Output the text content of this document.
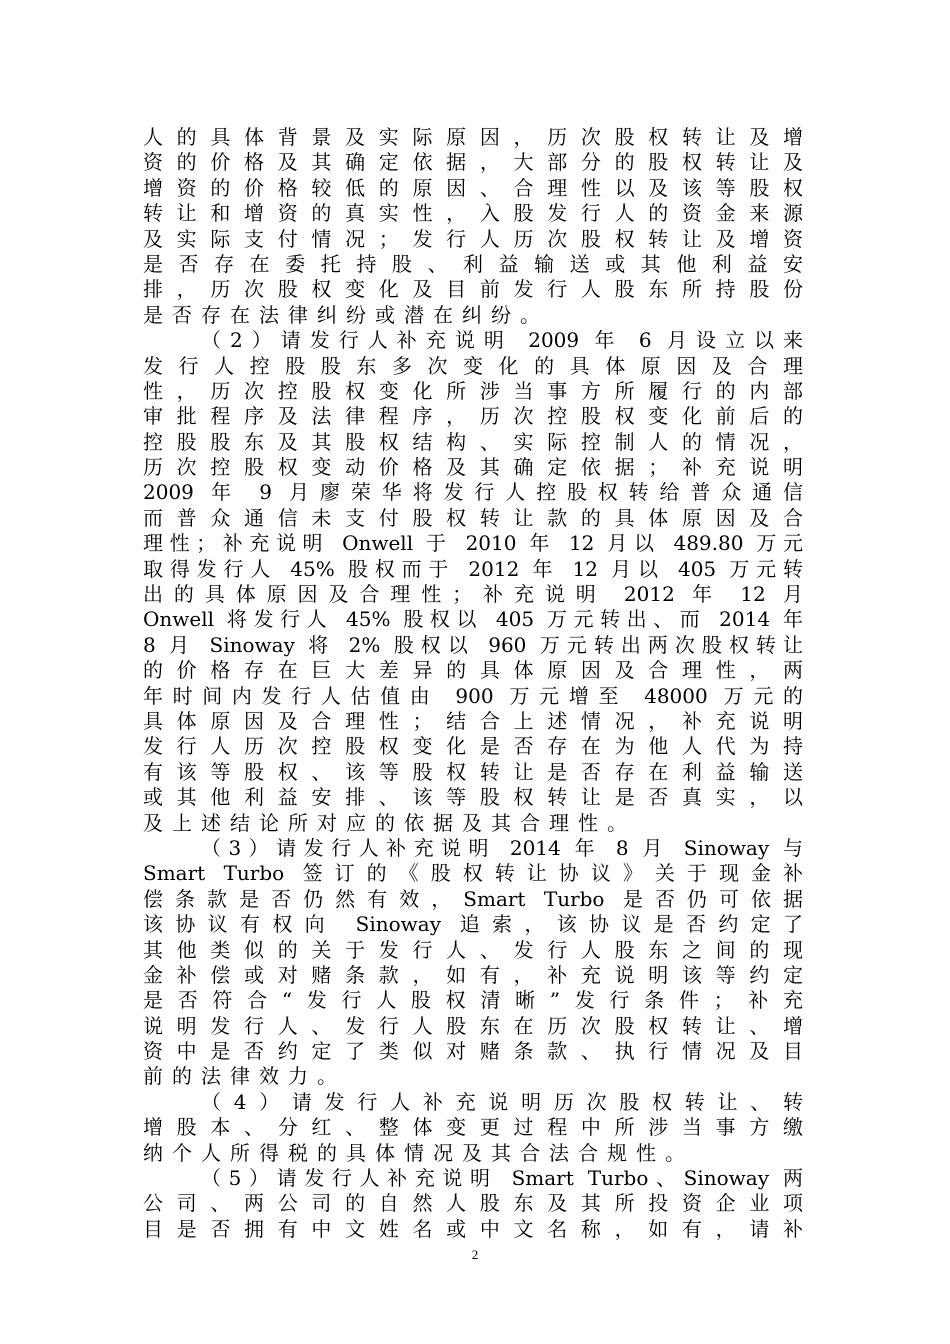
人的具体背景及实际原因，历次股权转让及增
资的价格及其确定依据，大部分的股权转让及
增资的价格较低的原因、合理性以及该等股权
转让和增资的真实性，入股发行人的资金来源
及实际支付情况；发行人历次股权转让及增资
是否存在委托持股、利益输送或其他利益安
排，历次股权变化及目前发行人股东所持股份
是否存在法律纠纷或潜在纠纷。
（2）请发行人补充说明 2009 年 6 月设立以来
发行人控股股东多次变化的具体原因及合理
性，历次控股权变化所涉当事方所履行的内部
审批程序及法律程序，历次控股权变化前后的
控股股东及其股权结构、实际控制人的情况，
历次控股权变动价格及其确定依据；补充说明
2009 年 9 月廖荣华将发行人控股权转给普众通信
而普众通信未支付股权转让款的具体原因及合
理性；补充说明 Onwell 于 2010 年 12 月以 489.80 万元
取得发行人 45% 股权而于 2012 年 12 月以 405 万元转
出的具体原因及合理性；补充说明 2012 年 12 月
Onwell 将发行人 45% 股权以 405 万元转出、而 2014 年
8 月 Sinoway 将 2% 股权以 960 万元转出两次股权转让
的价格存在巨大差异的具体原因及合理性，两
年时间内发行人估值由 900 万元增至 48000 万元的
具体原因及合理性；结合上述情况，补充说明
发行人历次控股权变化是否存在为他人代为持
有该等股权、该等股权转让是否存在利益输送
或其他利益安排、该等股权转让是否真实，以
及上述结论所对应的依据及其合理性。
（3）请发行人补充说明 2014 年 8 月 Sinoway 与
Smart Turbo 签订的《股权转让协议》关于现金补
偿条款是否仍然有效，Smart Turbo 是否仍可依据
该协议有权向 Sinoway 追索，该协议是否约定了
其他类似的关于发行人、发行人股东之间的现
金补偿或对赌条款，如有，补充说明该等约定
是否符合“发行人股权清晰”发行条件；补充
说明发行人、发行人股东在历次股权转让、增
资中是否约定了类似对赌条款、执行情况及目
前的法律效力。
（4）请发行人补充说明历次股权转让、转
增股本、分红、整体变更过程中所涉当事方缴
纳个人所得税的具体情况及其合法合规性。
（5）请发行人补充说明 Smart Turbo、Sinoway 两
公司、两公司的自然人股东及其所投资企业项
目是否拥有中文姓名或中文名称，如有，请补
2
